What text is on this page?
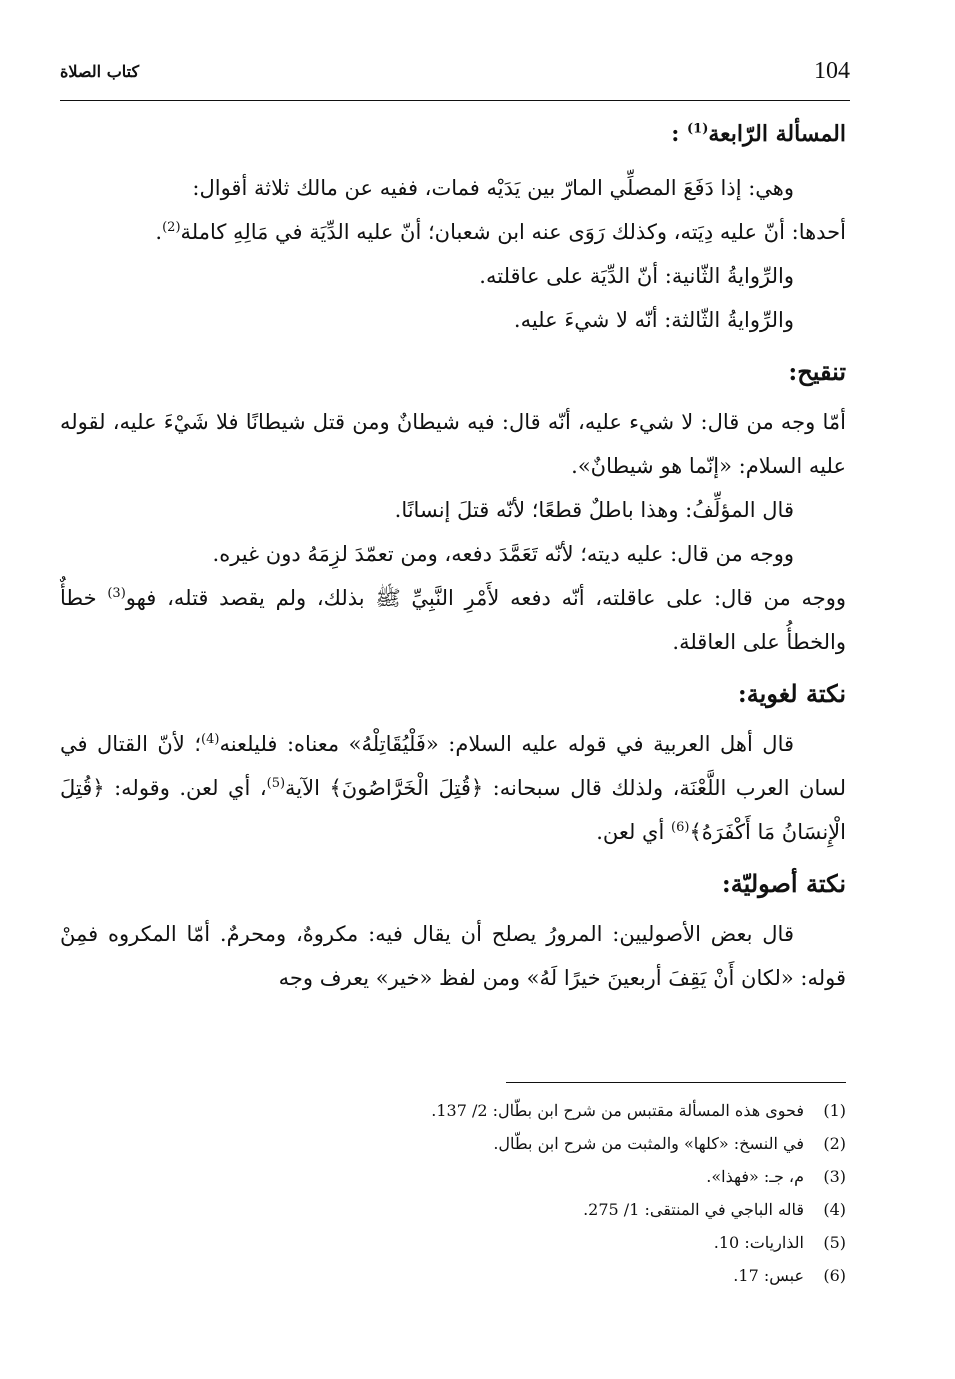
104
كتاب الصلاة

المسألة الرّابعة$^{(1)}$ :

وهي: إذا دَفَعَ المصلِّي المارّ بين يَدَيْه فمات، ففيه عن مالك ثلاثة أقوال:

أحدها: أنّ عليه دِيَته، وكذلك رَوَى عنه ابن شعبان؛ أنّ عليه الدِّيَة في مَالِهِ كاملة$^{(2)}$.

والرِّوايةُ الثّانية: أنّ الدِّيَة على عاقلته.

والرِّوايةُ الثّالثة: أنّه لا شيءَ عليه.

تنقيح:

أمّا وجه من قال: لا شيء عليه، أنّه قال: فيه شيطانٌ ومن قتل شيطانًا فلا شَيْءَ عليه، لقوله عليه السلام: «إنّما هو شيطانٌ».

قال المؤلِّفُ: وهذا باطلٌ قطعًا؛ لأنّه قتلَ إنسانًا.

ووجه من قال: عليه ديته؛ لأنّه تَعَمَّدَ دفعه، ومن تعمّدَ لزِمَهُ دون غيره.

ووجه من قال: على عاقلته، أنّه دفعه لأَمْرِ النَّبِيِّ ﷺ بذلك، ولم يقصد قتله، فهو$^{(3)}$ خطأٌ والخطأُ على العاقلة.

نكتة لغوية:

قال أهل العربية في قوله عليه السلام: «فَلْيُقَاتِلْهُ» معناه: فليلعنه$^{(4)}$؛ لأنّ القتال في لسان العرب اللَّعْنَة، ولذلك قال سبحانه: ﴿قُتِلَ الْخَرَّاصُونَ﴾ الآية$^{(5)}$، أي لعن. وقوله: ﴿قُتِلَ الْإِنسَانُ مَا أَكْفَرَهُ﴾$^{(6)}$ أي لعن.

نكتة أصوليّة:

قال بعض الأصوليين: المرورُ يصلح أن يقال فيه: مكروهٌ، ومحرمٌ. أمّا المكروه فمِنْ قوله: «لكان أَنْ يَقِفَ أربعينَ خيرًا لَهُ» ومن لفظ «خير» يعرف وجه

(1)
فحوى هذه المسألة مقتبس من شرح ابن بطّال: 2/ 137.
(2)
في النسخ: «كلها» والمثبت من شرح ابن بطّال.
(3)
م، جـ: «فهذا».
(4)
قاله الباجي في المنتقى: 1/ 275.
(5)
الذاريات: 10.
(6)
عبس: 17.
